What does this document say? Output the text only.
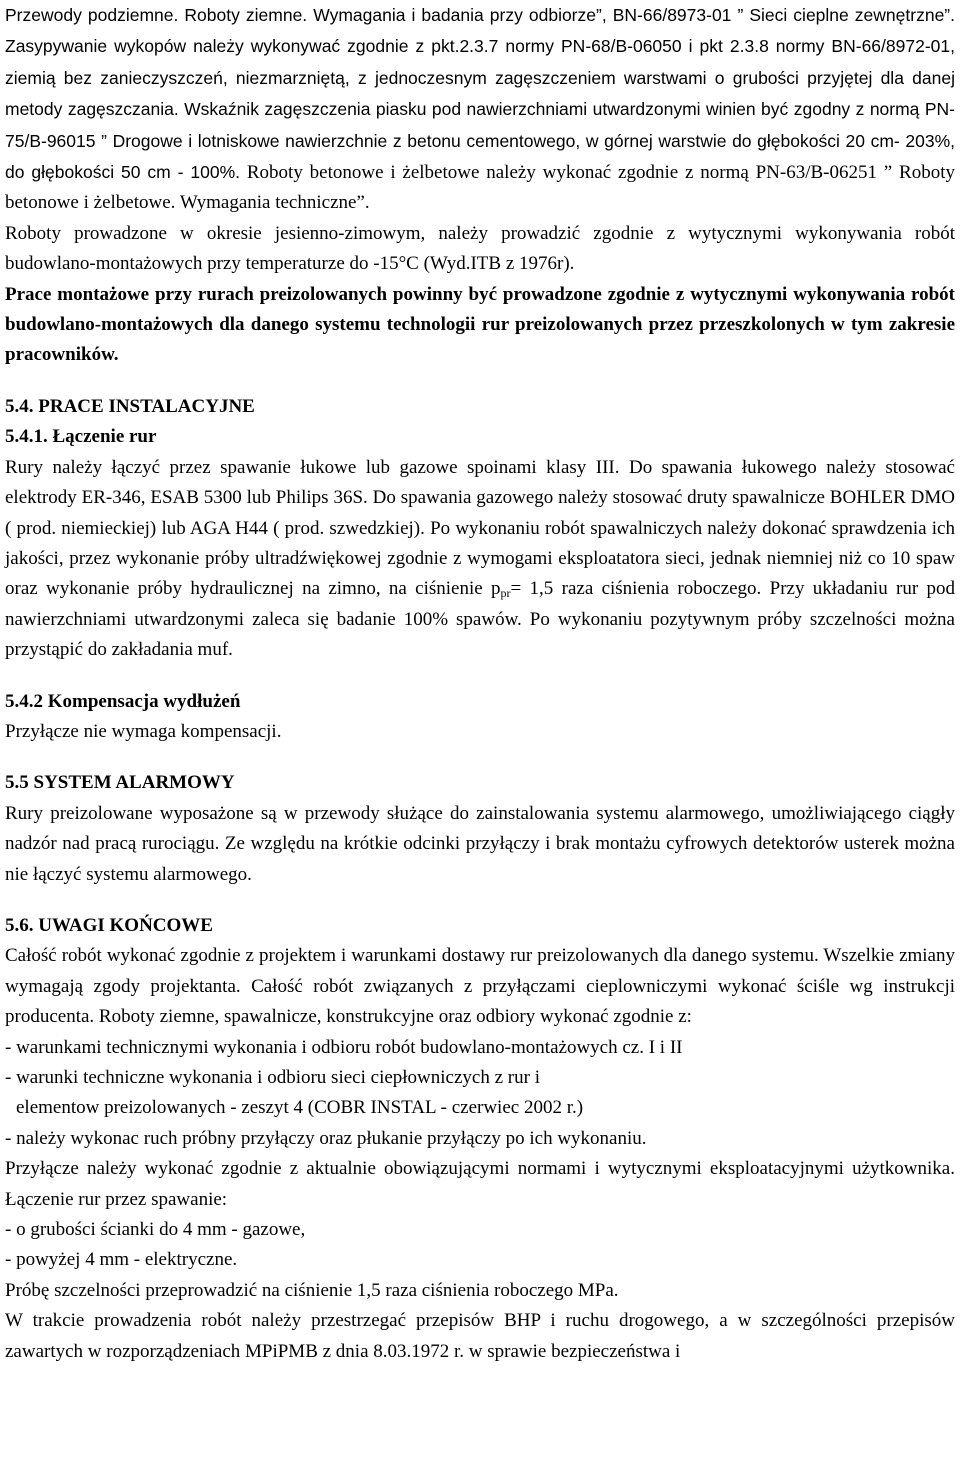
Przewody podziemne. Roboty ziemne. Wymagania i badania przy odbiorze”, BN-66/8973-01 ” Sieci cieplne zewnętrzne”. Zasypywanie wykopów należy wykonywać zgodnie z pkt.2.3.7 normy PN-68/B-06050 i pkt 2.3.8 normy BN-66/8972-01, ziemią bez zanieczyszczeń, niezmarzniętą, z jednoczesnym zagęszczeniem warstwami o grubości przyjętej dla danej metody zagęszczania. Wskaźnik zagęszczenia piasku pod nawierzchniami utwardzonymi winien być zgodny z normą PN-75/B-96015 ” Drogowe i lotniskowe nawierzchnie z betonu cementowego, w górnej warstwie do głębokości 20 cm- 203%, do głębokości 50 cm - 100%. Roboty betonowe i żelbetowe należy wykonać zgodnie z normą PN-63/B-06251 ” Roboty betonowe i żelbetowe. Wymagania techniczne”.

Roboty prowadzone w okresie jesienno-zimowym, należy prowadzić zgodnie z wytycznymi wykonywania robót budowlano-montażowych przy temperaturze do -15°C (Wyd.ITB z 1976r).

Prace montażowe przy rurach preizolowanych powinny być prowadzone zgodnie z wytycznymi wykonywania robót budowlano-montażowych dla danego systemu technologii rur preizolowanych przez przeszkolonych w tym zakresie pracowników.

5.4. PRACE INSTALACYJNE

5.4.1. Łączenie rur

Rury należy łączyć przez spawanie łukowe lub gazowe spoinami klasy III. Do spawania łukowego należy stosować elektrody ER-346, ESAB 5300 lub Philips 36S. Do spawania gazowego należy stosować druty spawalnicze BOHLER DMO ( prod. niemieckiej) lub AGA H44 ( prod. szwedzkiej). Po wykonaniu robót spawalniczych należy dokonać sprawdzenia ich jakości, przez wykonanie próby ultradźwiękowej zgodnie z wymogami eksploatatora sieci, jednak niemniej niż co 10 spaw oraz wykonanie próby hydraulicznej na zimno, na ciśnienie $p_{pr}= 1,5$ raza ciśnienia roboczego. Przy układaniu rur pod nawierzchniami utwardzonymi zaleca się badanie 100% spawów. Po wykonaniu pozytywnym próby szczelności można przystąpić do zakładania muf.

5.4.2 Kompensacja wydłużeń

Przyłącze nie wymaga kompensacji.

5.5 SYSTEM ALARMOWY

Rury preizolowane wyposażone są w przewody służące do zainstalowania systemu alarmowego, umożliwiającego ciągły nadzór nad pracą rurociągu. Ze względu na krótkie odcinki przyłączy i brak montażu cyfrowych detektorów usterek można nie łączyć systemu alarmowego.

5.6. UWAGI KOŃCOWE

Całość robót wykonać zgodnie z projektem i warunkami dostawy rur preizolowanych dla danego systemu. Wszelkie zmiany wymagają zgody projektanta. Całość robót związanych z przyłączami cieplowniczymi wykonać ściśle wg instrukcji producenta. Roboty ziemne, spawalnicze, konstrukcyjne oraz odbiory wykonać zgodnie z:

- warunkami technicznymi wykonania i odbioru robót budowlano-montażowych cz. I i II

- warunki techniczne wykonania i odbioru sieci ciepłowniczych z rur i

elementow preizolowanych - zeszyt 4 (COBR INSTAL - czerwiec 2002 r.)

- należy wykonac ruch próbny przyłączy oraz płukanie przyłączy po ich wykonaniu.

Przyłącze należy wykonać zgodnie z aktualnie obowiązującymi normami i wytycznymi eksploatacyjnymi użytkownika. Łączenie rur przez spawanie:

- o grubości ścianki do 4 mm - gazowe,

- powyżej 4 mm - elektryczne.

Próbę szczelności przeprowadzić na ciśnienie 1,5 raza ciśnienia roboczego MPa.

W trakcie prowadzenia robót należy przestrzegać przepisów BHP i ruchu drogowego, a w szczególności przepisów zawartych w rozporządzeniach MPiPMB z dnia 8.03.1972 r. w sprawie bezpieczeństwa i
